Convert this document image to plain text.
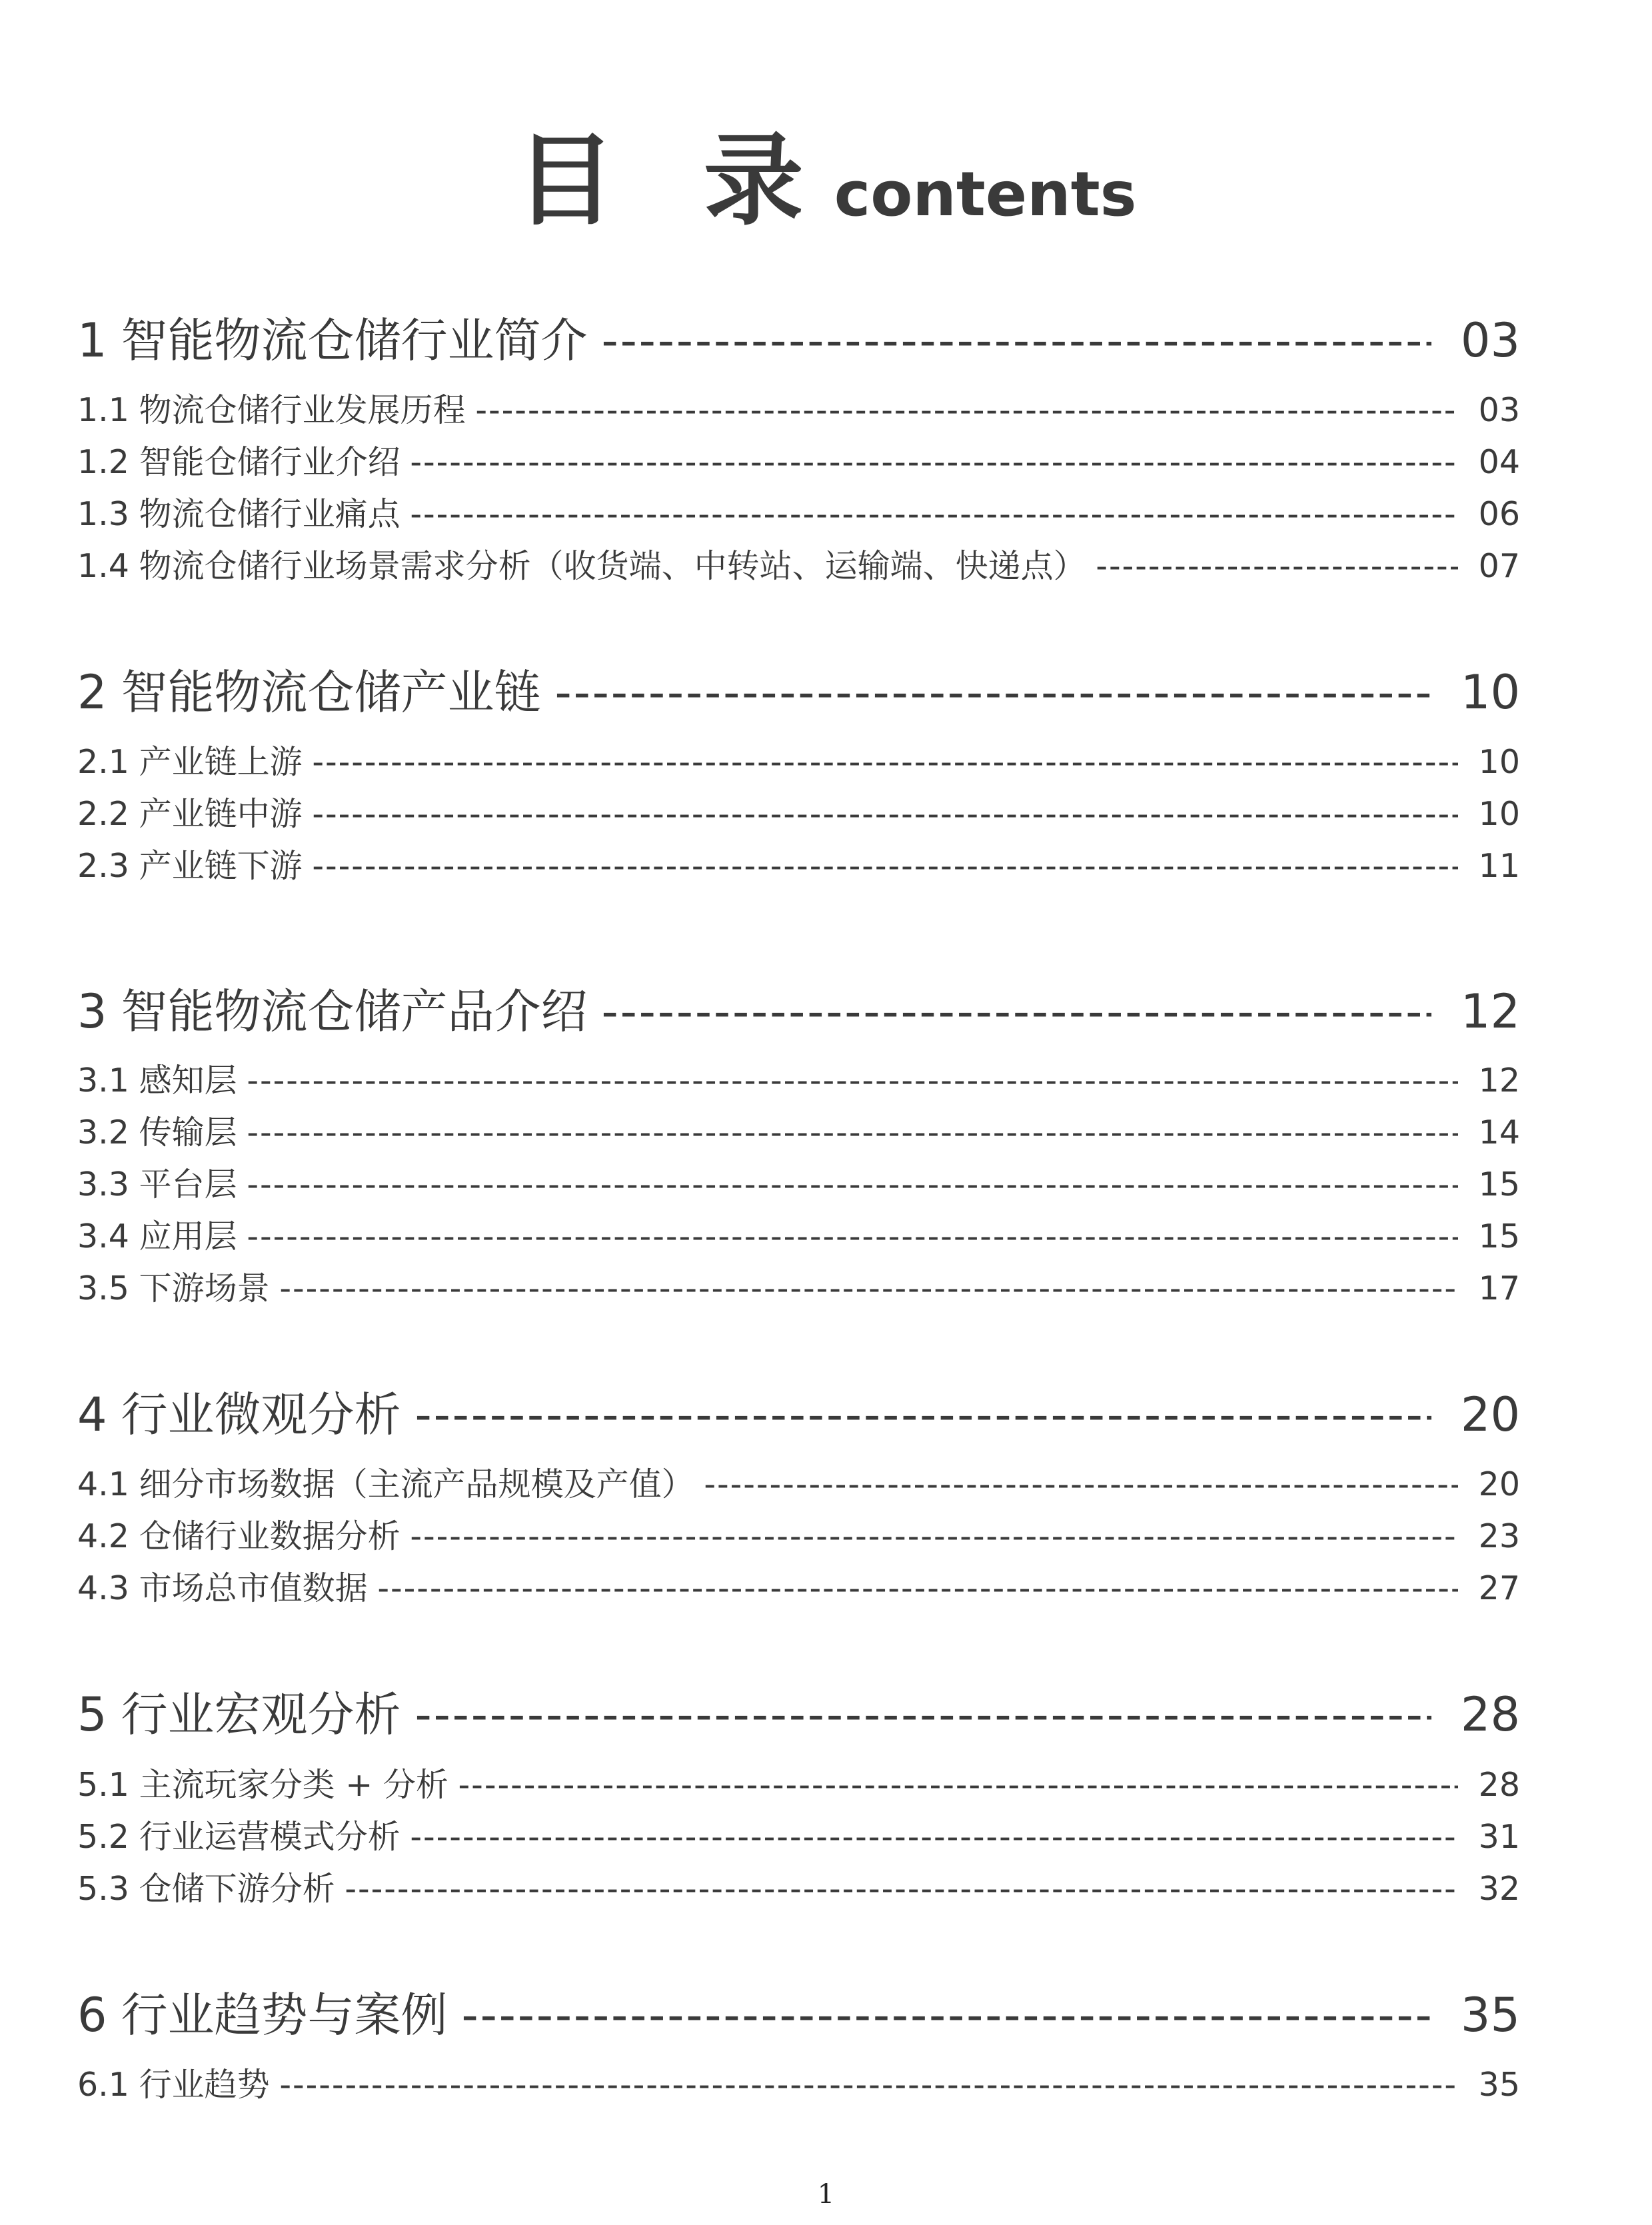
目 录contents
1 智能物流仓储行业简介 -----	03
1.1 物流仓储行业发展历程 -----	03
1.2 智能仓储行业介绍 -----	04
1.3 物流仓储行业痛点 -----	06
1.4 物流仓储行业场景需求分析（收货端、中转站、运输端、快递点） -----	07
2 智能物流仓储产业链 -----	10
2.1 产业链上游 -----	10
2.2 产业链中游 -----	10
2.3 产业链下游 -----	11
3 智能物流仓储产品介绍 -----	12
3.1 感知层 -----	12
3.2 传输层 -----	14
3.3 平台层 -----	15
3.4 应用层 -----	15
3.5 下游场景 -----	17
4 行业微观分析 -----	20
4.1 细分市场数据（主流产品规模及产值） -----	20
4.2 仓储行业数据分析 -----	23
4.3 市场总市值数据 -----	27
5 行业宏观分析 -----	28
5.1 主流玩家分类 + 分析 -----	28
5.2 行业运营模式分析 -----	31
5.3 仓储下游分析 -----	32
6 行业趋势与案例 -----	35
6.1 行业趋势 -----	35
1
